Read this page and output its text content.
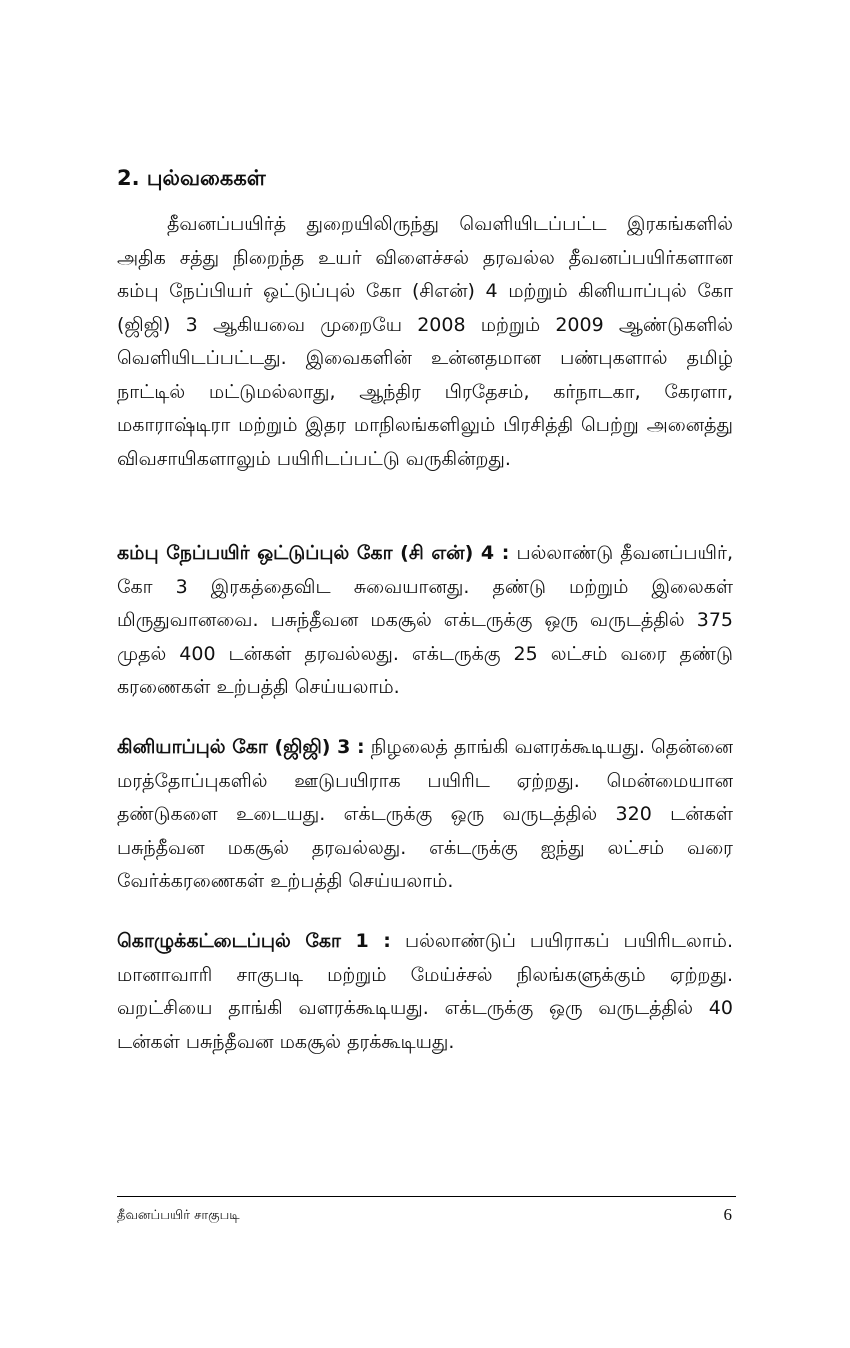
2. புல்வகைகள்
தீவனப்பயிர்த் துறையிலிருந்து வெளியிடப்பட்ட இரகங்களில் அதிக சத்து நிறைந்த உயர் விளைச்சல் தரவல்ல தீவனப்பயிர்களான கம்பு நேப்பியர் ஒட்டுப்புல் கோ (சிஎன்) 4 மற்றும் கினியாப்புல் கோ (ஜிஜி) 3 ஆகியவை முறையே 2008 மற்றும் 2009 ஆண்டுகளில் வெளியிடப்பட்டது. இவைகளின் உன்னதமான பண்புகளால் தமிழ் நாட்டில் மட்டுமல்லாது, ஆந்திர பிரதேசம், கர்நாடகா, கேரளா, மகாராஷ்டிரா மற்றும் இதர மாநிலங்களிலும் பிரசித்தி பெற்று அனைத்து விவசாயிகளாலும் பயிரிடப்பட்டு வருகின்றது.
கம்பு நேப்பயிர் ஒட்டுப்புல் கோ (சி என்) 4 : பல்லாண்டு தீவனப்பயிர், கோ 3 இரகத்தைவிட சுவையானது. தண்டு மற்றும் இலைகள் மிருதுவானவை. பசுந்தீவன மகசூல் எக்டருக்கு ஒரு வருடத்தில் 375 முதல் 400 டன்கள் தரவல்லது. எக்டருக்கு 25 லட்சம் வரை தண்டு கரணைகள் உற்பத்தி செய்யலாம்.
கினியாப்புல் கோ (ஜிஜி) 3 : நிழலைத் தாங்கி வளரக்கூடியது. தென்னை மரத்தோப்புகளில் ஊடுபயிராக பயிரிட ஏற்றது. மென்மையான தண்டுகளை உடையது. எக்டருக்கு ஒரு வருடத்தில் 320 டன்கள் பசுந்தீவன மகசூல் தரவல்லது. எக்டருக்கு ஐந்து லட்சம் வரை வேர்க்கரணைகள் உற்பத்தி செய்யலாம்.
கொழுக்கட்டைப்புல் கோ 1 : பல்லாண்டுப் பயிராகப் பயிரிடலாம். மானாவாரி சாகுபடி மற்றும் மேய்ச்சல் நிலங்களுக்கும் ஏற்றது. வறட்சியை தாங்கி வளரக்கூடியது. எக்டருக்கு ஒரு வருடத்தில் 40 டன்கள் பசுந்தீவன மகசூல் தரக்கூடியது.
தீவனப்பயிர் சாகுபடி	6
